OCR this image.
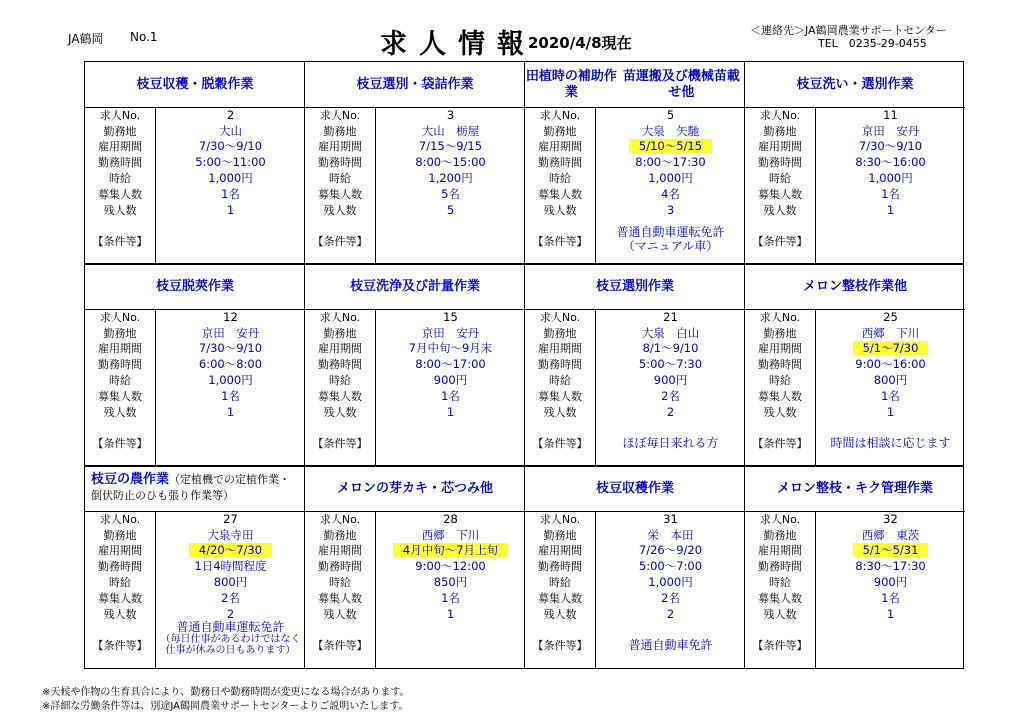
JA鶴岡 No.1	求人情報
2020/4/8現在
＜連絡先＞JA鶴岡農業サポートセンター
TEL　0235-29-0455
枝豆収穫・脱穀作業
求人No.
勤務地
雇用期間
勤務時間
時給
募集人数
残人数
【条件等】
2
大山
7/30～9/10
5:00～11:00
1,000円
1名
1
枝豆選別・袋詰作業
求人No.
勤務地
雇用期間
勤務時間
時給
募集人数
残人数
【条件等】
3
大山　栃屋
7/15～9/15
8:00～15:00
1,200円
5名
5
田植時の補助作業

苗運搬及び機械苗載せ他
求人No.
勤務地
雇用期間
勤務時間
時給
募集人数
残人数
【条件等】
5
大泉　矢馳
5/10～5/15
8:00～17:30
1,000円
4名
3
普通自動車運転免許
（マニュアル車）
枝豆洗い・選別作業
求人No.
勤務地
雇用期間
勤務時間
時給
募集人数
残人数
【条件等】
11
京田　安丹
7/30～9/10
8:30～16:00
1,000円
1名
1
枝豆脱莢作業
求人No.
勤務地
雇用期間
勤務時間
時給
募集人数
残人数
【条件等】
12
京田　安丹
7/30～9/10
6:00～8:00
1,000円
1名
1
枝豆洗浄及び計量作業
求人No.
勤務地
雇用期間
勤務時間
時給
募集人数
残人数
【条件等】
15
京田　安丹
7月中旬～9月末
8:00～17:00
900円
1名
1
枝豆選別作業
求人No.
勤務地
雇用期間
勤務時間
時給
募集人数
残人数
【条件等】
21
大泉　白山
8/1～9/10
5:00～7:30
900円
2名
2
ほぼ毎日来れる方
メロン整枝作業他
求人No.
勤務地
雇用期間
勤務時間
時給
募集人数
残人数
【条件等】
25
西郷　下川
5/1～7/30
9:00～16:00
800円
1名
1
時間は相談に応じます
枝豆の農作業（定植機での定植作業・倒伏防止のひも張り作業等）
求人No.
勤務地
雇用期間
勤務時間
時給
募集人数
残人数
【条件等】
27
大泉寺田
4/20～7/30
1日4時間程度
800円
2名
2
普通自動車運転免許
（毎日仕事があるわけではなく仕事が休みの日もあります）
メロンの芽カキ・芯つみ他
求人No.
勤務地
雇用期間
勤務時間
時給
募集人数
残人数
【条件等】
28
西郷　下川
4月中旬～7月上旬
9:00～12:00
850円
1名
1
枝豆収穫作業
求人No.
勤務地
雇用期間
勤務時間
時給
募集人数
残人数
【条件等】
31
栄　本田
7/26～9/20
5:00～7:00
1,000円
2名
2
普通自動車免許
メロン整枝・キク管理作業
求人No.
勤務地
雇用期間
勤務時間
時給
募集人数
残人数
【条件等】
32
西郷　東茨
5/1～5/31
8:30～17:30
900円
1名
1
※天候や作物の生育具合により、勤務日や勤務時間が変更になる場合があります。
※詳細な労働条件等は、別途JA鶴岡農業サポートセンターよりご説明いたします。
